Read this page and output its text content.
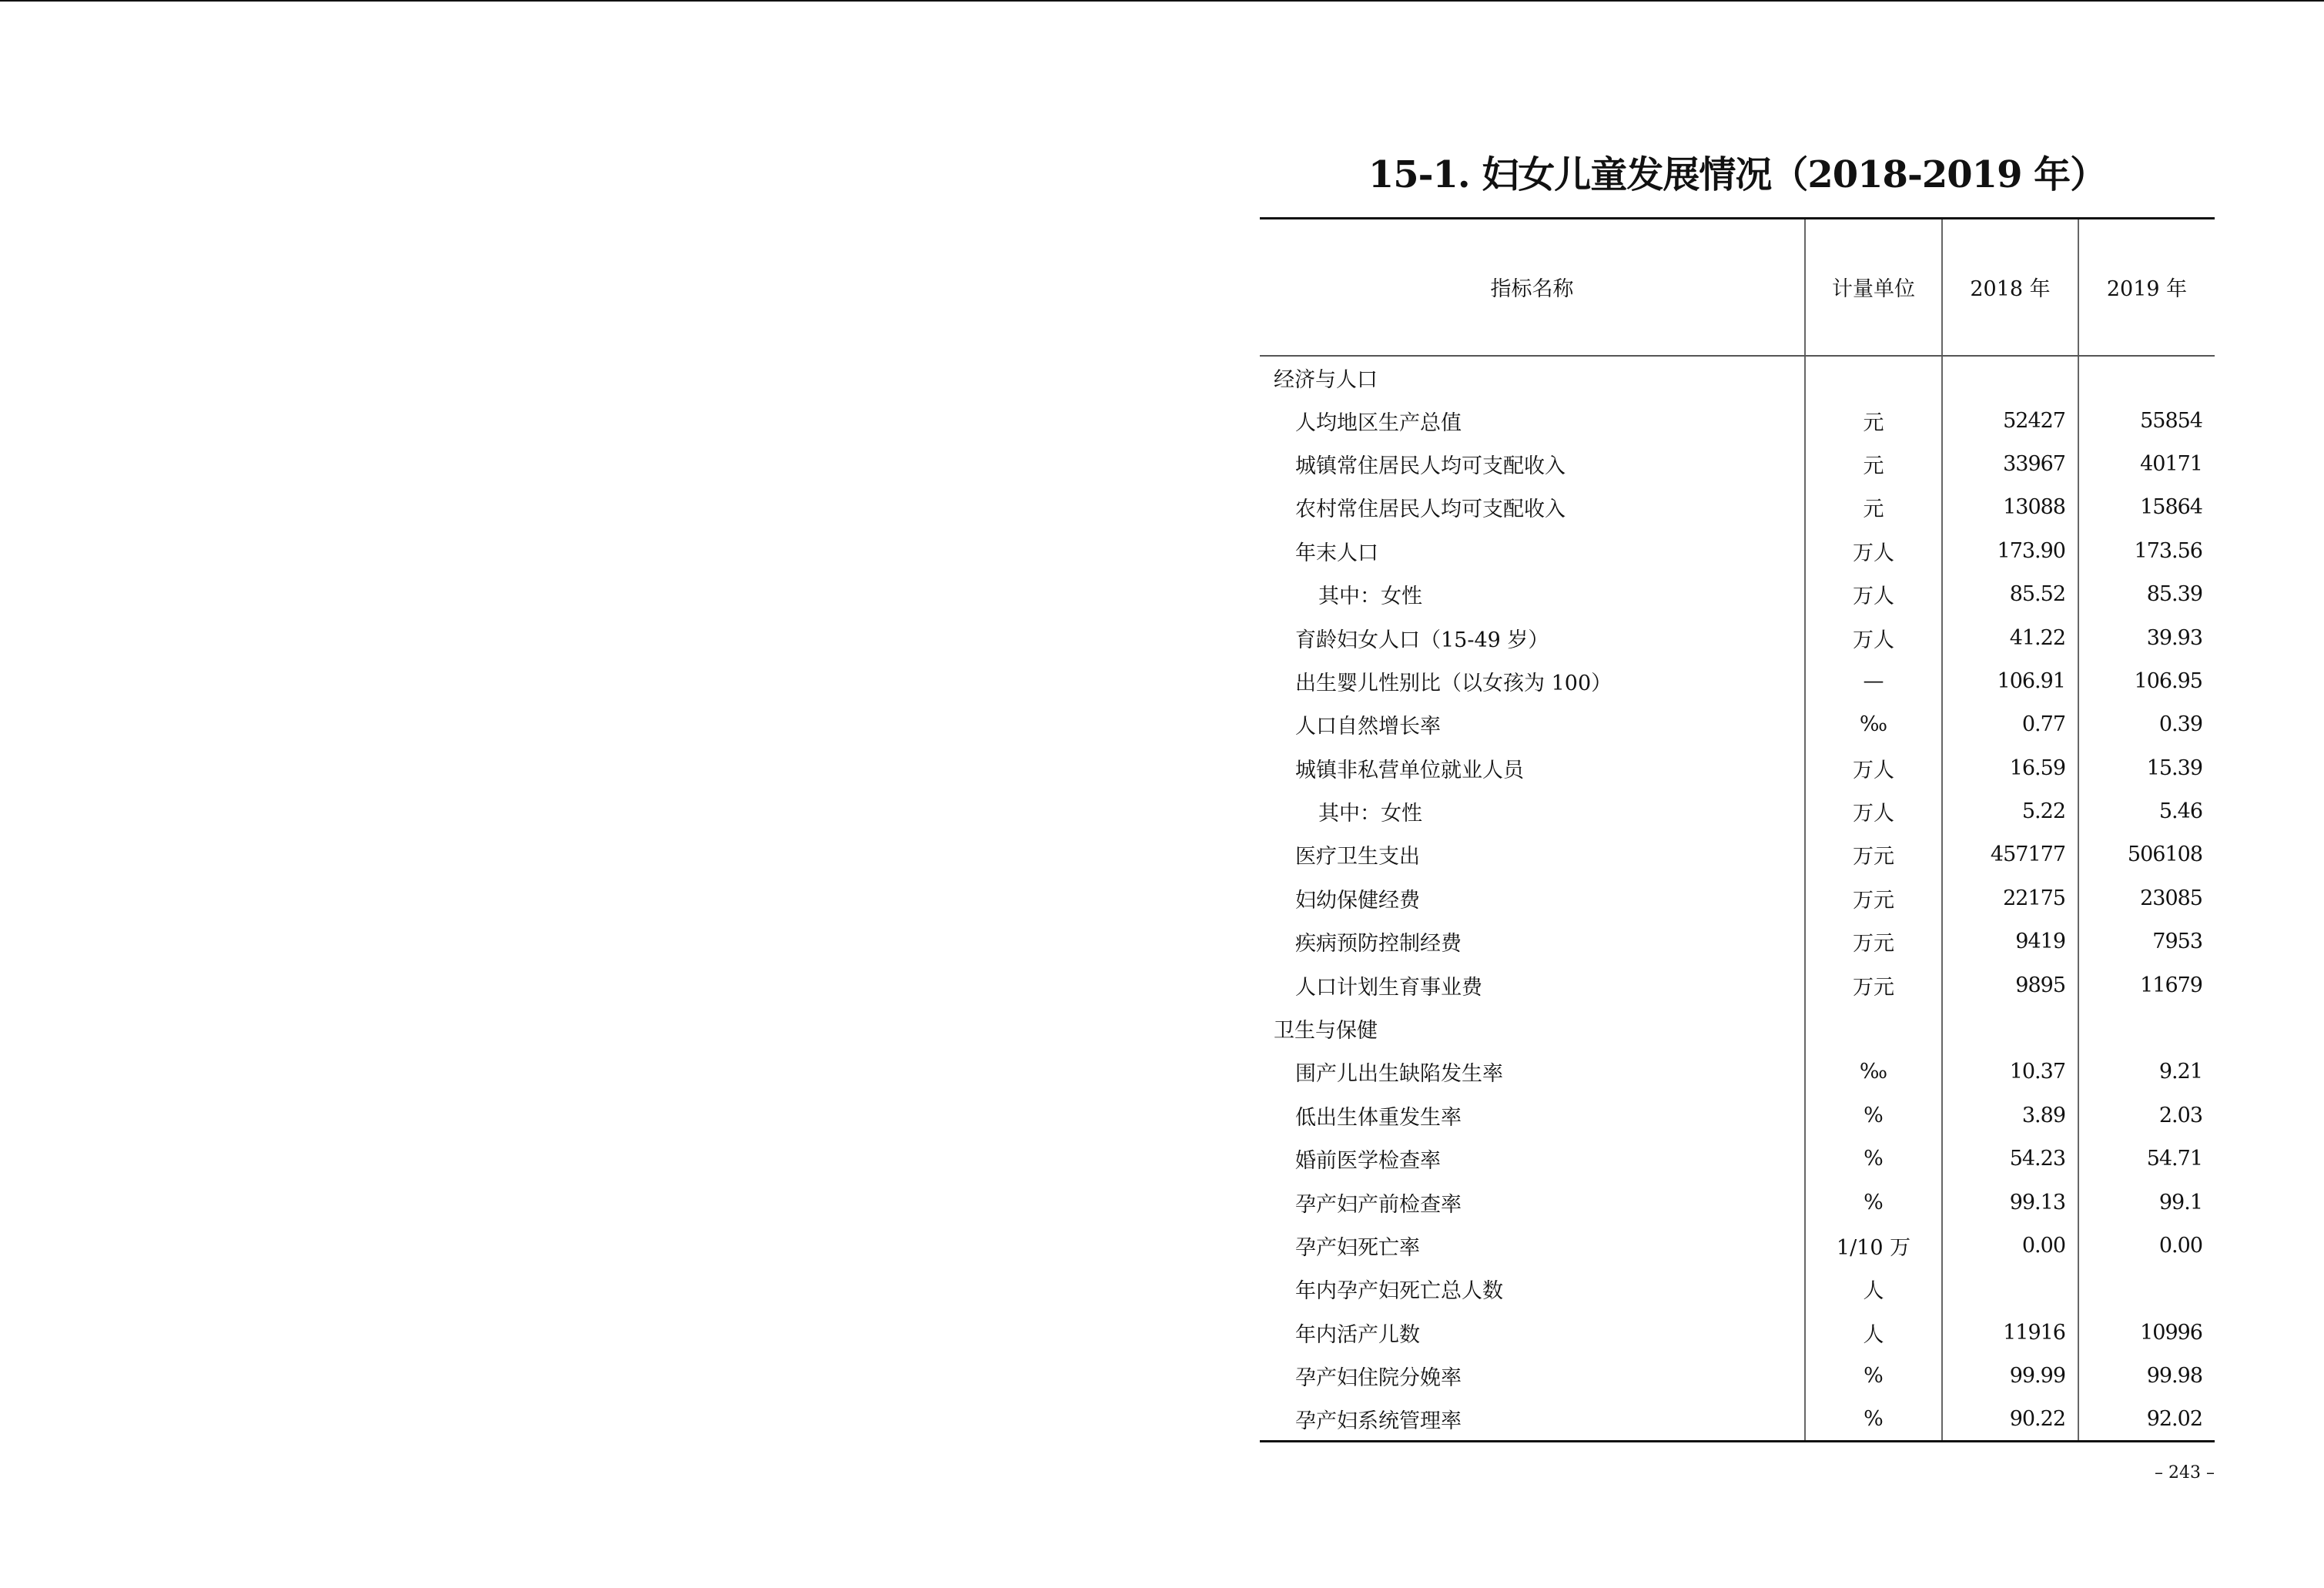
15-1. 妇女儿童发展情况（2018-2019 年）
指标名称	计量单位	2018 年	2019 年
经济与人口			
人均地区生产总值	元	52427	55854
城镇常住居民人均可支配收入	元	33967	40171
农村常住居民人均可支配收入	元	13088	15864
年末人口	万人	173.90	173.56
其中：女性	万人	85.52	85.39
育龄妇女人口（15-49 岁）	万人	41.22	39.93
出生婴儿性别比（以女孩为 100）	—	106.91	106.95
人口自然增长率	‰	0.77	0.39
城镇非私营单位就业人员	万人	16.59	15.39
其中：女性	万人	5.22	5.46
医疗卫生支出	万元	457177	506108
妇幼保健经费	万元	22175	23085
疾病预防控制经费	万元	9419	7953
人口计划生育事业费	万元	9895	11679
卫生与保健			
围产儿出生缺陷发生率	‰	10.37	9.21
低出生体重发生率	%	3.89	2.03
婚前医学检查率	%	54.23	54.71
孕产妇产前检查率	%	99.13	99.1
孕产妇死亡率	1/10 万	0.00	0.00
年内孕产妇死亡总人数	人		
年内活产儿数	人	11916	10996
孕产妇住院分娩率	%	99.99	99.98
孕产妇系统管理率	%	90.22	92.02
– 243 –
